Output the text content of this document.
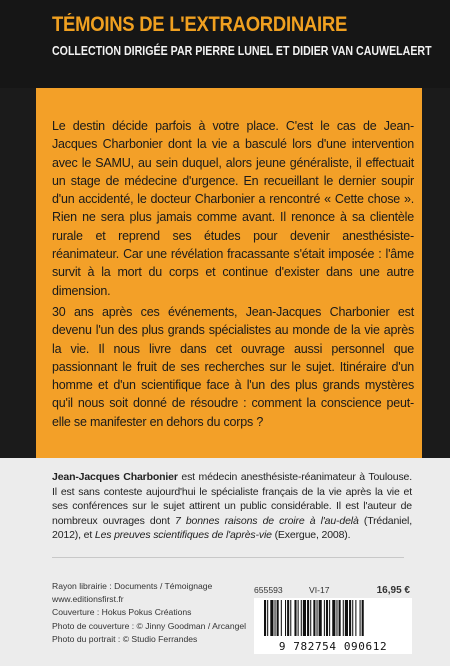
TÉMOINS DE L'EXTRAORDINAIRE
COLLECTION DIRIGÉE PAR PIERRE LUNEL ET DIDIER VAN CAUWELAERT

Le destin décide parfois à votre place. C'est le cas de Jean-Jacques Charbonier dont la vie a basculé lors d'une intervention avec le SAMU, au sein duquel, alors jeune généraliste, il effectuait un stage de médecine d'urgence. En recueillant le dernier soupir d'un accidenté, le docteur Charbonier a rencontré « Cette chose ». Rien ne sera plus jamais comme avant. Il renonce à sa clientèle rurale et reprend ses études pour devenir anesthésiste-réanimateur. Car une révélation fracassante s'était imposée : l'âme survit à la mort du corps et continue d'exister dans une autre dimension.

30 ans après ces événements, Jean-Jacques Charbonier est devenu l'un des plus grands spécialistes au monde de la vie après la vie. Il nous livre dans cet ouvrage aussi personnel que passionnant le fruit de ses recherches sur le sujet. Itinéraire d'un homme et d'un scientifique face à l'un des plus grands mystères qu'il nous soit donné de résoudre : comment la conscience peut-elle se manifester en dehors du corps ?

Jean-Jacques Charbonier est médecin anesthésiste-réanimateur à Toulouse. Il est sans conteste aujourd'hui le spécialiste français de la vie après la vie et ses conférences sur le sujet attirent un public considérable. Il est l'auteur de nombreux ouvrages dont 7 bonnes raisons de croire à l'au-delà (Trédaniel, 2012), et Les preuves scientifiques de l'après-vie (Exergue, 2008).

Rayon librairie : Documents / Témoignage
www.editionsfirst.fr
Couverture : Hokus Pokus Créations
Photo de couverture : © Jinny Goodman / Arcangel
Photo du portrait : © Studio Ferrandes
655593	VI-17	16,95 €
9 782754 090612
